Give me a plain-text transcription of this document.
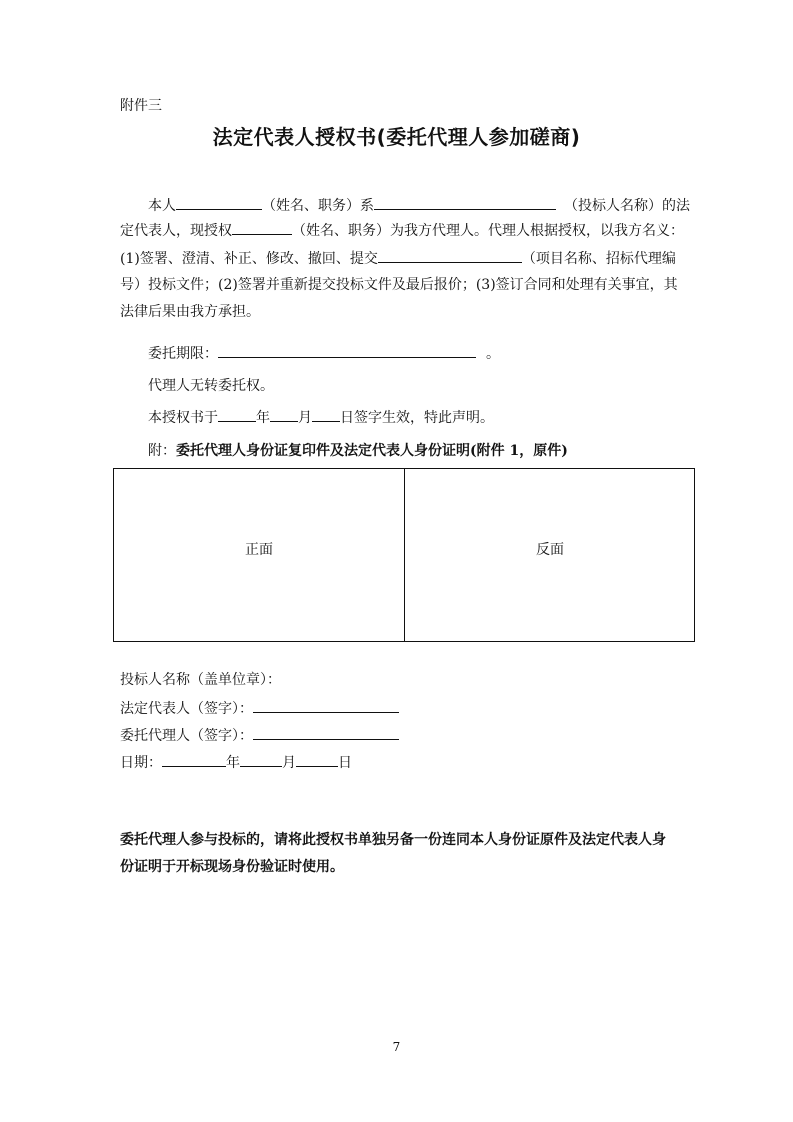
附件三
法定代表人授权书(委托代理人参加磋商)
本人	（姓名、职务）系	（投标人名称）的法
定代表人，现授权	（姓名、职务）为我方代理人。代理人根据授权，以我方名义：
(1)签署、澄清、补正、修改、撤回、提交	（项目名称、招标代理编
号）投标文件；(2)签署并重新提交投标文件及最后报价；(3)签订合同和处理有关事宜，其
法律后果由我方承担。
委托期限：	。
代理人无转委托权。
本授权书于	年 月 日签字生效，特此声明。
附：委托代理人身份证复印件及法定代表人身份证明(附件 1，原件)
正面	反面
投标人名称（盖单位章）：
法定代表人（签字）：
委托代理人（签字）：
日期：	年	月	日
委托代理人参与投标的，请将此授权书单独另备一份连同本人身份证原件及法定代表人身
份证明于开标现场身份验证时使用。
7
